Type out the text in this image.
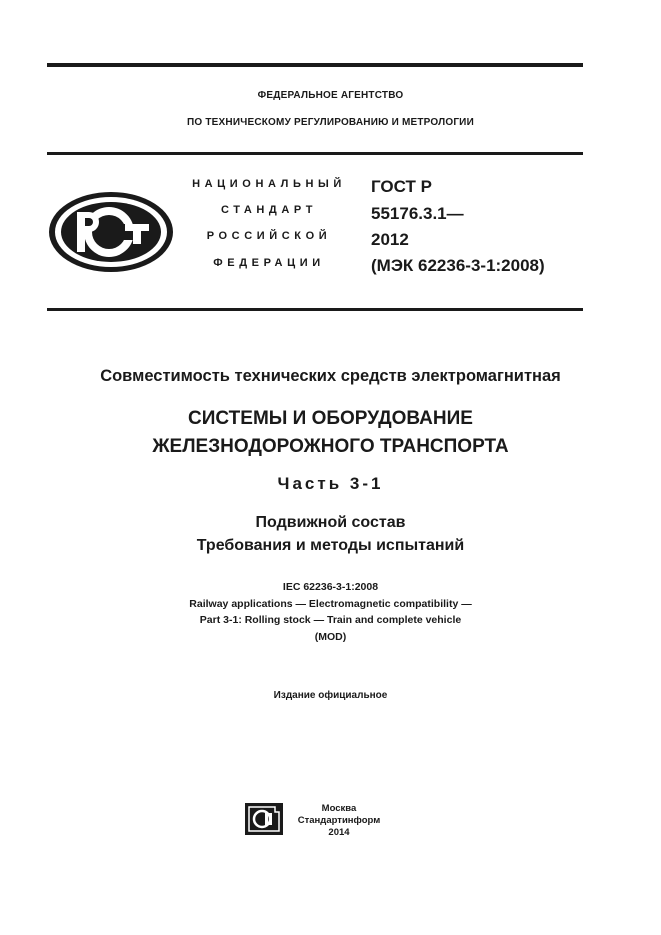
ФЕДЕРАЛЬНОЕ АГЕНТСТВО
ПО ТЕХНИЧЕСКОМУ РЕГУЛИРОВАНИЮ И МЕТРОЛОГИИ
НАЦИОНАЛЬНЫЙ
СТАНДАРТ
РОССИЙСКОЙ
ФЕДЕРАЦИИ
ГОСТ Р
55176.3.1—
2012
(МЭК 62236-3-1:2008)
Совместимость технических средств электромагнитная
СИСТЕМЫ И ОБОРУДОВАНИЕ
ЖЕЛЕЗНОДОРОЖНОГО ТРАНСПОРТА
Часть 3-1
Подвижной состав
Требования и методы испытаний
IEC 62236-3-1:2008
Railway applications — Electromagnetic compatibility —
Part 3-1: Rolling stock — Train and complete vehicle
(MOD)
Издание официальное
Москва
Стандартинформ
2014
